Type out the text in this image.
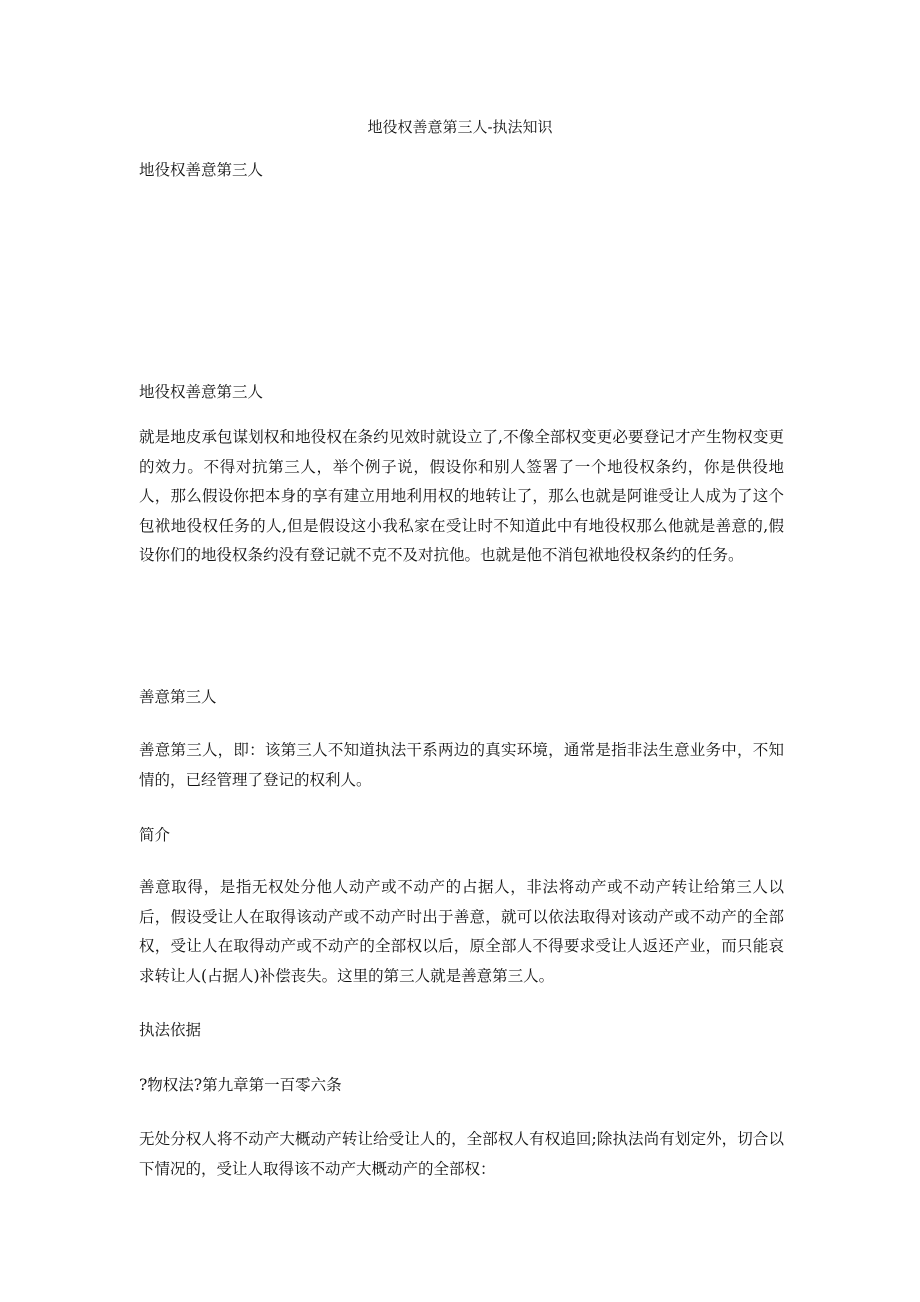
地役权善意第三人-执法知识

地役权善意第三人

地役权善意第三人

就是地皮承包谋划权和地役权在条约见效时就设立了,不像全部权变更必要登记才产生物权变更的效力。不得对抗第三人，举个例子说，假设你和别人签署了一个地役权条约，你是供役地人，那么假设你把本身的享有建立用地利用权的地转让了，那么也就是阿谁受让人成为了这个包袱地役权任务的人,但是假设这小我私家在受让时不知道此中有地役权那么他就是善意的,假设你们的地役权条约没有登记就不克不及对抗他。也就是他不消包袱地役权条约的任务。

善意第三人

善意第三人，即：该第三人不知道执法干系两边的真实环境，通常是指非法生意业务中，不知情的，已经管理了登记的权利人。

简介

善意取得，是指无权处分他人动产或不动产的占据人，非法将动产或不动产转让给第三人以后，假设受让人在取得该动产或不动产时出于善意，就可以依法取得对该动产或不动产的全部权，受让人在取得动产或不动产的全部权以后，原全部人不得要求受让人返还产业，而只能哀求转让人(占据人)补偿丧失。这里的第三人就是善意第三人。

执法依据

?物权法?第九章第一百零六条

无处分权人将不动产大概动产转让给受让人的，全部权人有权追回;除执法尚有划定外，切合以下情况的，受让人取得该不动产大概动产的全部权：
